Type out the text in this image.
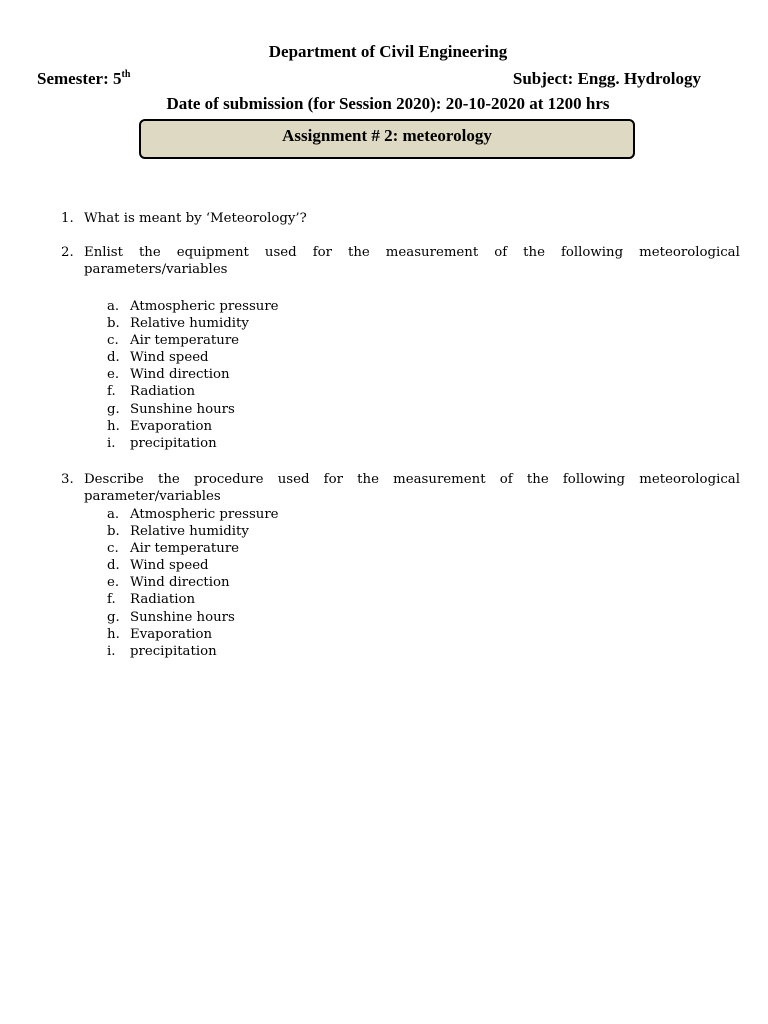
Department of Civil Engineering
Semester: 5th	Subject: Engg. Hydrology
Date of submission (for Session 2020): 20-10-2020 at 1200 hrs
Assignment # 2: meteorology
1. What is meant by ‘Meteorology’?
2. Enlist the equipment used for the measurement of the following meteorological
parameters/variables
a. Atmospheric pressure
b. Relative humidity
c. Air temperature
d. Wind speed
e. Wind direction
f. Radiation
g. Sunshine hours
h. Evaporation
i. precipitation
3. Describe the procedure used for the measurement of the following meteorological
parameter/variables
a. Atmospheric pressure
b. Relative humidity
c. Air temperature
d. Wind speed
e. Wind direction
f. Radiation
g. Sunshine hours
h. Evaporation
i. precipitation
